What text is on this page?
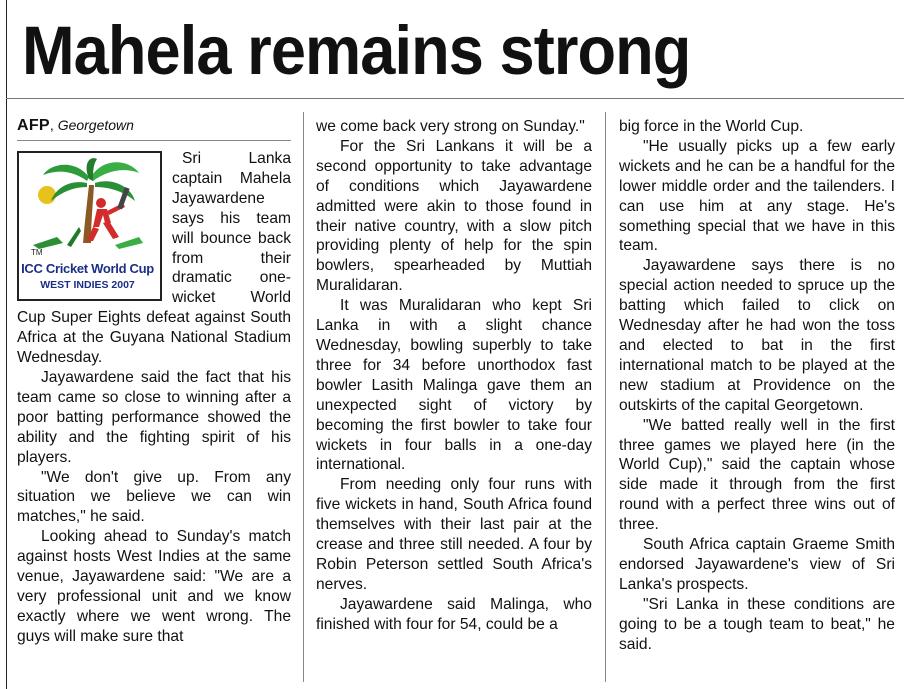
Mahela remains strong
AFP, Georgetown
TM
ICC Cricket World Cup
WEST INDIES 2007

Sri Lanka captain Mahela Jayawardene says his team will bounce back from their dramatic one-wicket World Cup Super Eights defeat against South Africa at the Guyana National Stadium Wednesday.

Jayawardene said the fact that his team came so close to winning after a poor batting performance showed the ability and the fighting spirit of his players.

"We don't give up. From any situation we believe we can win matches," he said.

Looking ahead to Sunday's match against hosts West Indies at the same venue, Jayawardene said: "We are a very professional unit and we know exactly where we went wrong. The guys will make sure that

we come back very strong on Sunday."

For the Sri Lankans it will be a second opportunity to take advantage of conditions which Jayawardene admitted were akin to those found in their native country, with a slow pitch providing plenty of help for the spin bowlers, spearheaded by Muttiah Muralidaran.

It was Muralidaran who kept Sri Lanka in with a slight chance Wednesday, bowling superbly to take three for 34 before unorthodox fast bowler Lasith Malinga gave them an unexpected sight of victory by becoming the first bowler to take four wickets in four balls in a one-day international.

From needing only four runs with five wickets in hand, South Africa found themselves with their last pair at the crease and three still needed. A four by Robin Peterson settled South Africa's nerves.

Jayawardene said Malinga, who finished with four for 54, could be a

big force in the World Cup.

"He usually picks up a few early wickets and he can be a handful for the lower middle order and the tailenders. I can use him at any stage. He's something special that we have in this team.

Jayawardene says there is no special action needed to spruce up the batting which failed to click on Wednesday after he had won the toss and elected to bat in the first international match to be played at the new stadium at Providence on the outskirts of the capital Georgetown.

"We batted really well in the first three games we played here (in the World Cup)," said the captain whose side made it through from the first round with a perfect three wins out of three.

South Africa captain Graeme Smith endorsed Jayawardene's view of Sri Lanka's prospects.

"Sri Lanka in these conditions are going to be a tough team to beat," he said.
